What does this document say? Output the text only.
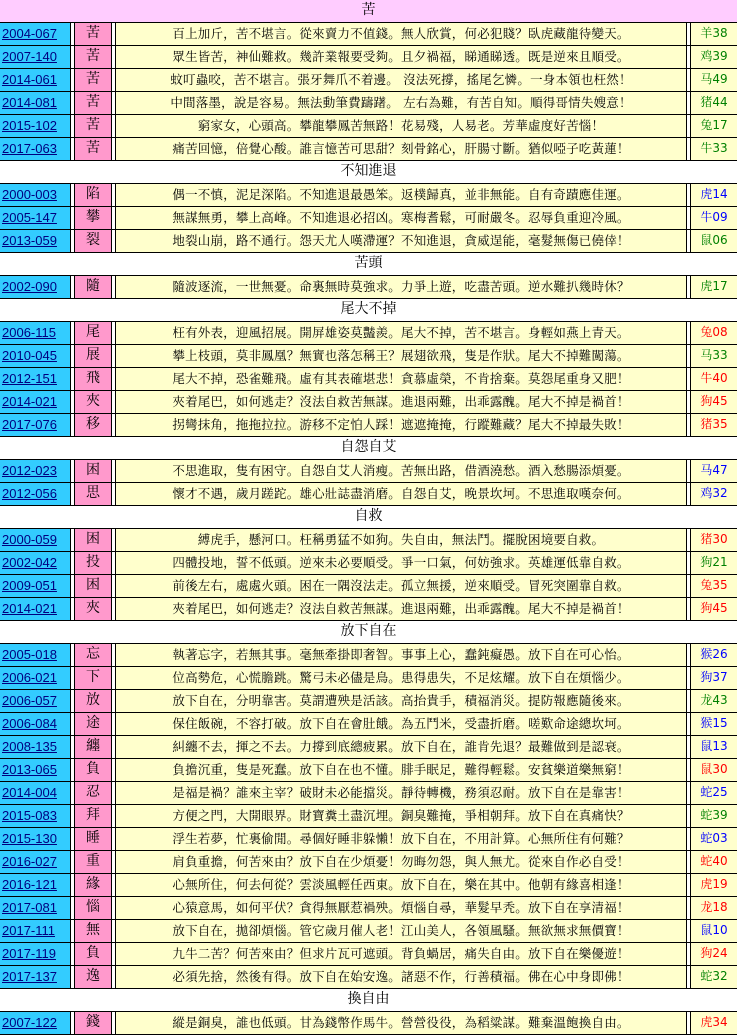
苦
2004-067	苦	百上加斤，苦不堪言。從來賣力不值錢。無人欣賞，何必犯賤？臥虎藏龍待變天。	羊38
2007-140	苦	眾生皆苦，神仙難救。幾許業報要受夠。且夕禍福，睇通睇透。既是逆來且順受。	鸡39
2014-061	苦	蚊叮蟲咬，苦不堪言。張牙舞爪不着邊。 沒法死撐，搖尾乞憐。一身本領也枉然！	马49
2014-081	苦	中間落墨，說是容易。無法動筆費躊躇。 左右為難，有苦自知。順得哥情失嫂意！	猪44
2015-102	苦	窮家女，心頭高。攀龍攀鳳苦無路！花易殘，人易老。芳華虛度好苦惱！	兔17
2017-063	苦	痛苦回憶，倍覺心酸。誰言憶苦可思甜？刻骨銘心，肝腸寸斷。猶似啞子吃黃蓮！	牛33
不知進退
2000-003	陷	偶一不慎，泥足深陷。不知進退最愚笨。返樸歸真，並非無能。自有奇蹟應佳運。	虎14
2005-147	攀	無謀無勇，攀上高峰。不知進退必招凶。寒梅耆鬆，可耐嚴冬。忍辱負重迎冷風。	牛09
2013-059	裂	地裂山崩，路不通行。怨天尤人嘆滯運？不知進退，貪威逞能，毫髮無傷已僥倖！	鼠06
苦頭
2002-090	隨	隨波逐流，一世無憂。命裏無時莫強求。力爭上遊，吃盡苦頭。逆水難扒幾時休？	虎17
尾大不掉
2006-115	尾	枉有外表，迎風招展。開屏雄姿莫豔羨。尾大不掉，苦不堪言。身輕如燕上青天。	兔08
2010-045	展	攀上枝頭，莫非鳳凰？無實也落怎稱王？展翅欲飛，隻是作狀。尾大不掉難闖蕩。	马33
2012-151	飛	尾大不掉，恐雀難飛。虛有其表確堪悲！貪慕虛榮，不肯捨棄。莫怨尾重身又肥！	牛40
2014-021	夾	夾着尾巴，如何逃走？沒法自救苦無謀。進退兩難，出乖露醜。尾大不掉是禍首！	狗45
2017-076	移	拐彎抹角，拖拖拉拉。游移不定怕人踩！遮遮掩掩，行蹤難藏？尾大不掉最失敗！	猪35
自怨自艾
2012-023	困	不思進取，隻有困守。自怨自艾人消瘦。苦無出路，借酒澆愁。酒入愁腸添煩憂。	马47
2012-056	思	懷才不遇，歲月蹉跎。雄心壯誌盡消磨。自怨自艾，晚景坎坷。不思進取嘆奈何。	鸡32
自救
2000-059	困	縛虎手，懸河口。枉稱勇猛不如狗。失自由，無法鬥。擺脫困境要自救。	猪30
2002-042	投	四體投地，誓不低頭。逆來未必要順受。爭一口氣，何妨強求。英雄運低靠自救。	狗21
2009-051	困	前後左右，處處火頭。困在一隅沒法走。孤立無援，逆來順受。冒死突圍靠自救。	兔35
2014-021	夾	夾着尾巴，如何逃走？沒法自救苦無謀。進退兩難，出乖露醜。尾大不掉是禍首！	狗45
放下自在
2005-018	忘	執著忘字，若無其事。毫無牽掛即奢智。事事上心，蠢鈍癡愚。放下自在可心怡。	猴26
2006-021	下	位高勢危，心慌膽跳。驚弓未必儘是鳥。患得患失，不足炫耀。放下自在煩惱少。	狗37
2006-057	放	放下自在，分明靠害。莫謂遭殃是活該。高抬貴手，積福消災。提防報應隨後來。	龙43
2006-084	途	保住飯碗，不容打破。放下自在會肚餓。為五鬥米，受盡折磨。嗟歎命途總坎坷。	猴15
2008-135	纏	糾纏不去，揮之不去。力撐到底總疲累。放下自在，誰肯先退？最難做到是認衰。	鼠13
2013-065	負	負擔沉重，隻是死蠢。放下自在也不懂。腓手眠足，難得輕鬆。安貧樂道樂無窮！	鼠30
2014-004	忍	是福是禍？誰來主宰？破財未必能擋災。靜待轉機，務須忍耐。放下自在是靠害！	蛇25
2015-083	拜	方便之門，大開眼界。財寶糞土盡沉埋。銅臭難掩，爭相朝拜。放下自在真痛快？	蛇39
2015-130	睡	浮生若夢，忙裏偷閒。尋個好睡非躲懶！放下自在，不用計算。心無所住有何難？	蛇03
2016-027	重	肩負重擔，何苦來由？放下自在少煩憂！勿晦勿怨，與人無尤。從來自作必自受！	蛇40
2016-121	緣	心無所住，何去何從？雲淡風輕任西東。放下自在，樂在其中。他朝有緣喜相逢！	虎19
2017-081	惱	心猿意馬，如何平伏？貪得無厭惹禍殃。煩惱自尋，華髮早秃。放下自在享清福！	龙18
2017-111	無	放下自在，拋卻煩惱。管它歲月催人老！江山美人，各領風騷。無欲無求無價寶！	鼠10
2017-119	負	九牛二苦？何苦來由？但求片瓦可遮頭。背負蝸居，痛失自由。放下自在樂優遊！	狗24
2017-137	逸	必須先捨，然後有得。放下自在始安逸。諸惡不作，行善積福。佛在心中身即佛！	蛇32
換自由
2007-122	錢	縱是銅臭，誰也低頭。甘為錢幣作馬牛。營營役役，為稻粱謀。難棄溫飽換自由。	虎34
